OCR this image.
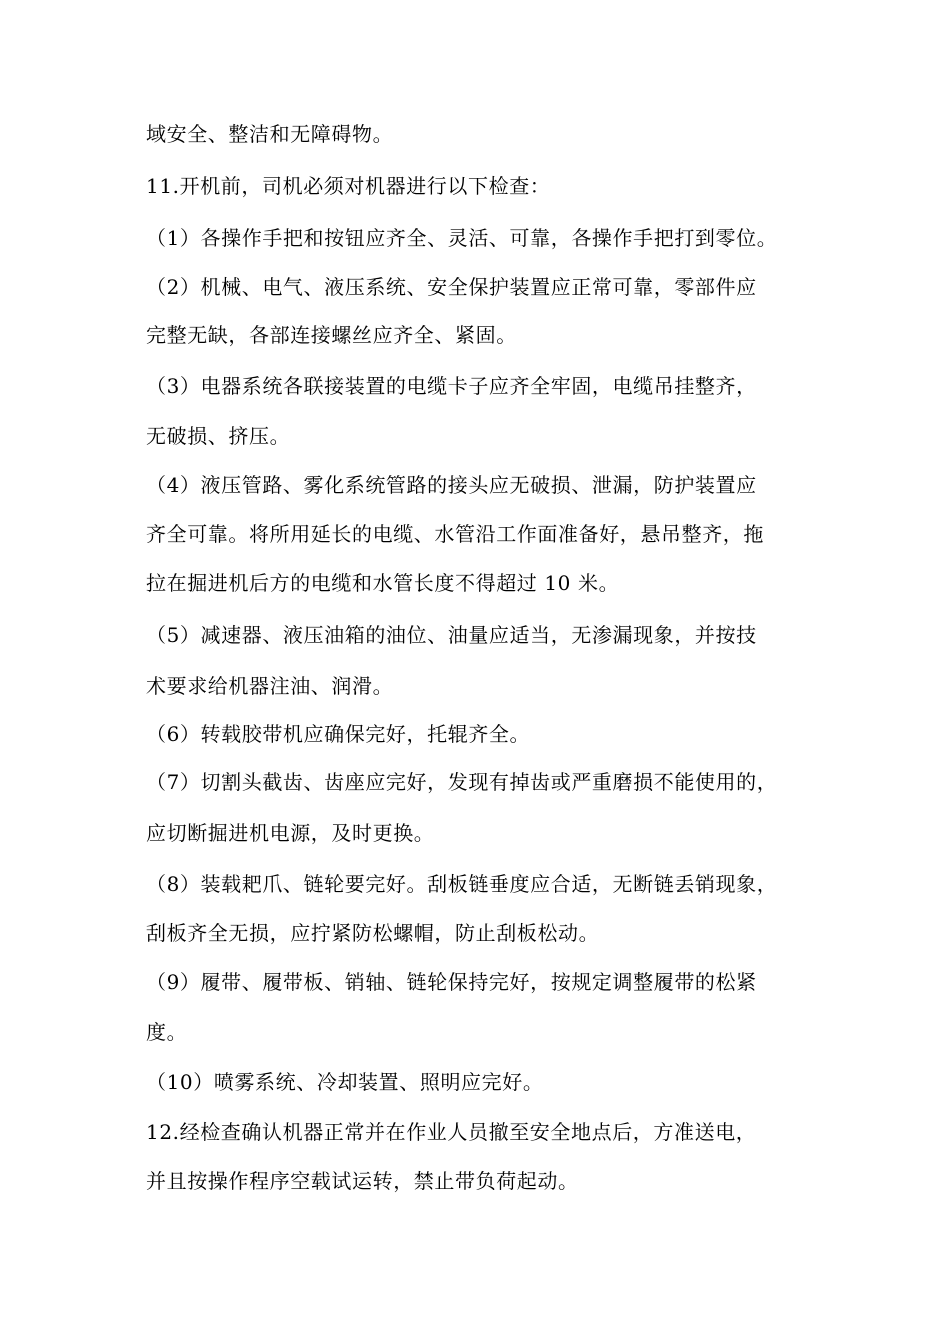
域安全、整洁和无障碍物。
11.开机前，司机必须对机器进行以下检查：
（1）各操作手把和按钮应齐全、灵活、可靠，各操作手把打到零位。
（2）机械、电气、液压系统、安全保护装置应正常可靠，零部件应
完整无缺，各部连接螺丝应齐全、紧固。
（3）电器系统各联接装置的电缆卡子应齐全牢固，电缆吊挂整齐，
无破损、挤压。
（4）液压管路、雾化系统管路的接头应无破损、泄漏，防护装置应
齐全可靠。将所用延长的电缆、水管沿工作面准备好，悬吊整齐，拖
拉在掘进机后方的电缆和水管长度不得超过 10 米。
（5）减速器、液压油箱的油位、油量应适当，无渗漏现象，并按技
术要求给机器注油、润滑。
（6）转载胶带机应确保完好，托辊齐全。
（7）切割头截齿、齿座应完好，发现有掉齿或严重磨损不能使用的，
应切断掘进机电源，及时更换。
（8）装载耙爪、链轮要完好。刮板链垂度应合适，无断链丢销现象，
刮板齐全无损，应拧紧防松螺帽，防止刮板松动。
（9）履带、履带板、销轴、链轮保持完好，按规定调整履带的松紧
度。
（10）喷雾系统、冷却装置、照明应完好。
12.经检查确认机器正常并在作业人员撤至安全地点后，方准送电，
并且按操作程序空载试运转，禁止带负荷起动。
